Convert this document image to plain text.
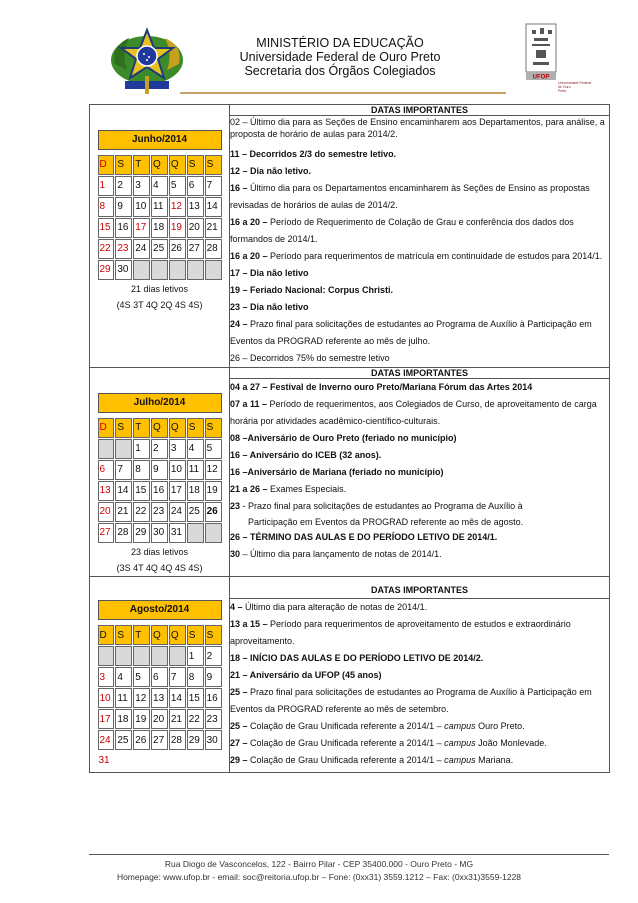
MINISTÉRIO DA EDUCAÇÃO
Universidade Federal de Ouro Preto
Secretaria dos Órgãos Colegiados	UFOP
Universidade Federal
de Ouro
Preto
	DATAS IMPORTANTES

Junho/2014
D	S	T	Q	Q	S	S
1	2	3	4	5	6	7
8	9	10	11	12	13	14
15	16	17	18	19	20	21
22	23	24	25	26	27	28
29	30					
21 dias letivos
(4S 3T 4Q 2Q 4S 4S)

02 – Último dia para as Seções de Ensino encaminharem aos Departamentos, para análise, a proposta de horário de aulas para 2014/2.

11 – Decorridos 2/3 do semestre letivo.

12 – Dia não letivo.

16 – Último dia para os Departamentos encaminharem às Seções de Ensino as propostas revisadas de horários de aulas de 2014/2.

16 a 20 – Período de Requerimento de Colação de Grau e conferência dos dados dos formandos de 2014/1.

16 a 20 – Período para requerimentos de matrícula em continuidade de estudos para 2014/1.

17 – Dia não letivo

19 – Feriado Nacional: Corpus Christi.

23 – Dia não letivo

24 – Prazo final para solicitações de estudantes ao Programa de Auxílio à Participação em Eventos da PROGRAD referente ao mês de julho.

26 – Decorridos 75% do semestre letivo

	DATAS IMPORTANTES

Julho/2014
D	S	T	Q	Q	S	S
		1	2	3	4	5
6	7	8	9	10	11	12
13	14	15	16	17	18	19
20	21	22	23	24	25	26
27	28	29	30	31		
23 dias letivos
(3S 4T 4Q 4Q 4S 4S)

04 a 27 – Festival de Inverno ouro Preto/Mariana Fórum das Artes 2014

07 a 11 – Período de requerimentos, aos Colegiados de Curso, de aproveitamento de carga horária por atividades acadêmico-científico-culturais.

08 –Aniversário de Ouro Preto (feriado no município)

16 – Aniversário do ICEB (32 anos).

16 –Aniversário de Mariana (feriado no município)

21 a 26 – Exames Especiais.

23 - Prazo final para solicitações de estudantes ao Programa de Auxílio à

Participação em Eventos da PROGRAD referente ao mês de agosto.

26 – TÉRMINO DAS AULAS E DO PERÍODO LETIVO DE 2014/1.

30 – Último dia para lançamento de notas de 2014/1.

	DATAS IMPORTANTES

Agosto/2014
D	S	T	Q	Q	S	S
					1	2
3	4	5	6	7	8	9
10	11	12	13	14	15	16
17	18	19	20	21	22	23
24	25	26	27	28	29	30
31	

4 – Último dia para alteração de notas de 2014/1.

13 a 15 – Período para requerimentos de aproveitamento de estudos e extraordinário aproveitamento.

18 – INÍCIO DAS AULAS E DO PERÍODO LETIVO DE 2014/2.

21 – Aniversário da UFOP (45 anos)

25 – Prazo final para solicitações de estudantes ao Programa de Auxílio à Participação em Eventos da PROGRAD referente ao mês de setembro.

25 – Colação de Grau Unificada referente a 2014/1 – campus Ouro Preto.

27 – Colação de Grau Unificada referente a 2014/1 – campus João Monlevade.

29 – Colação de Grau Unificada referente a 2014/1 – campus Mariana.

Rua Diogo de Vasconcelos, 122 - Bairro Pilar - CEP 35400.000 - Ouro Preto - MG
Homepage: www.ufop.br - email: soc@reitoria.ufop.br – Fone: (0xx31) 3559.1212 – Fax: (0xx31)3559-1228
